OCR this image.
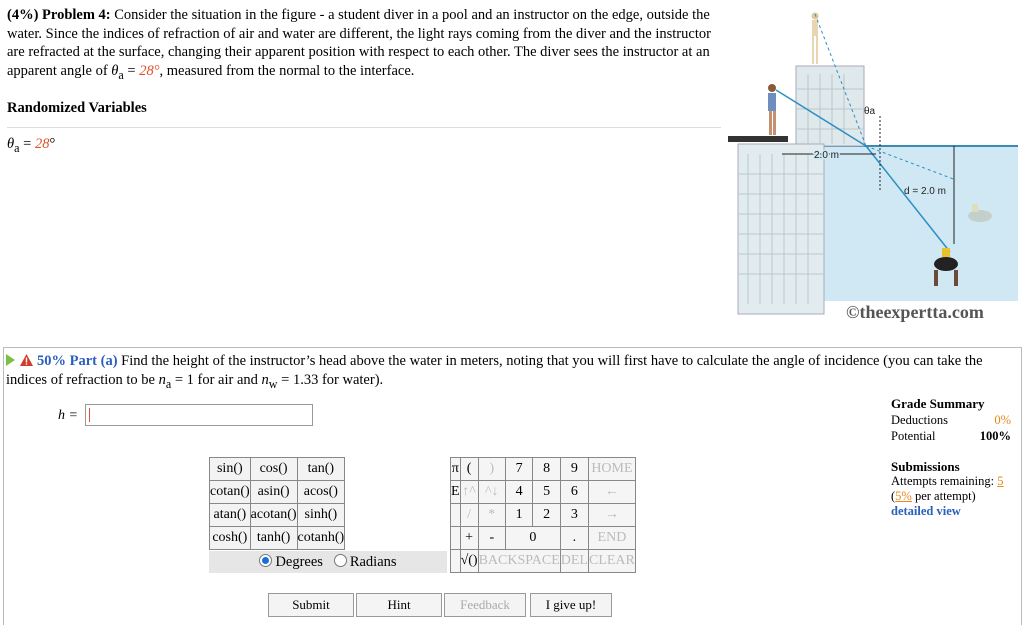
(4%) Problem 4: Consider the situation in the figure - a student diver in a pool and an instructor on the edge, outside the water. Since the indices of refraction of air and water are different, the light rays coming from the diver and the instructor are refracted at the surface, changing their apparent position with respect to each other. The diver sees the instructor at an apparent angle of $\theta_a = 28^\circ$, measured from the normal to the interface.
Randomized Variables
$\theta_a = 28^\circ$
2.0 m
d = 2.0 m
θa
©theexpertta.com
50% Part (a) Find the height of the instructor’s head above the water in meters, noting that you will first have to calculate the angle of incidence (you can take the indices of refraction to be $n_a = 1$ for air and $n_w = 1.33$ for water).
h =
sin()	cos()	tan()
cotan()	asin()	acos()
atan()	acotan()	sinh()
cosh()	tanh()	cotanh()
Degrees Radians
π	(	)	7	8	9	HOME
E	↑^	^↓	4	5	6	←
	/	*	1	2	3	→
	+	-	0		.	END
	√()	BACKSPACE			DEL	CLEAR
Grade Summary
Deductions	0%
Potential	100%
Submissions
Attempts remaining: 5
(5% per attempt)
detailed view
Submit	Hint	Feedback	I give up!
